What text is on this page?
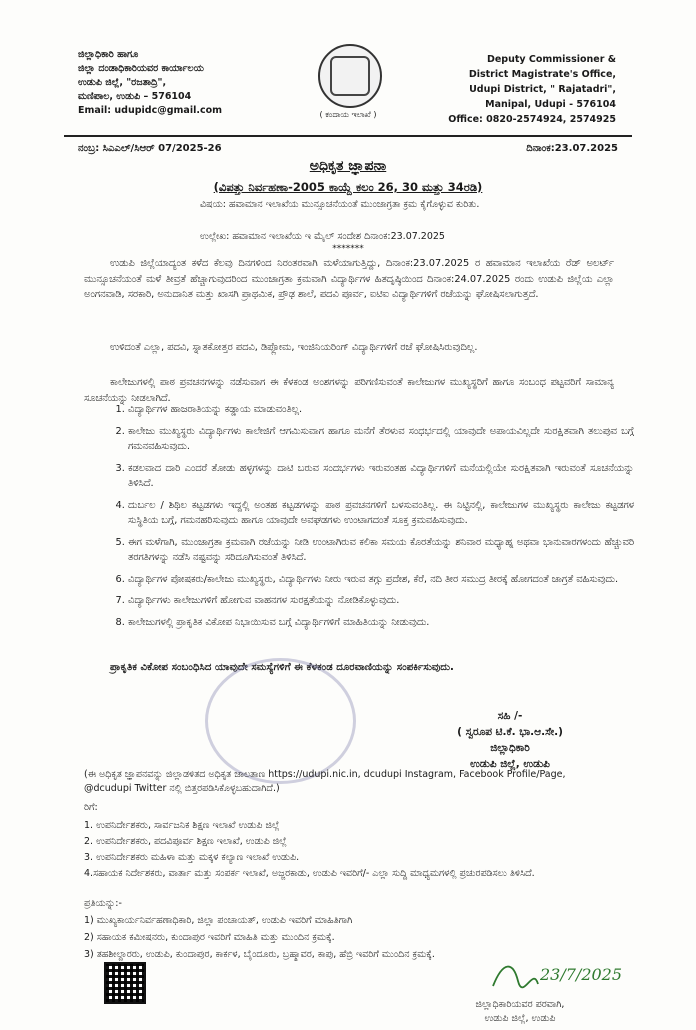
ಜಿಲ್ಲಾಧಿಕಾರಿ ಹಾಗೂ
ಜಿಲ್ಲಾ ದಂಡಾಧಿಕಾರಿಯವರ ಕಾರ್ಯಾಲಯ
ಉಡುಪಿ ಜಿಲ್ಲೆ, "ರಜತಾದ್ರಿ",
ಮಣಿಪಾಲ, ಉಡುಪಿ – 576104
Email: udupidc@gmail.com	( ಕಂದಾಯ ಇಲಾಖೆ )
Deputy Commissioner &
District Magistrate's Office,
Udupi District, " Rajatadri",
Manipal, Udupi - 576104
Office: 0820-2574924, 2574925
ನಂಬ್ರ: ಸಿಎಎಲ್/ಸಿಆರ್ 07/2025-26	ದಿನಾಂಕ:23.07.2025
ಅಧಿಕೃತ ಜ್ಞಾಪನಾ
(ವಿಪತ್ತು ನಿರ್ವಹಣಾ-2005 ಕಾಯ್ದೆ ಕಲಂ 26, 30 ಮತ್ತು 34ರಡಿ)
ವಿಷಯ: ಹವಾಮಾನ ಇಲಾಖೆಯ ಮುನ್ಸೂಚನೆಯಂತೆ ಮುಂಜಾಗ್ರತಾ ಕ್ರಮ ಕೈಗೊಳ್ಳುವ ಕುರಿತು.
ಉಲ್ಲೇಖ: ಹವಾಮಾನ ಇಲಾಖೆಯ ಇ ಮೈಲ್ ಸಂದೇಶ ದಿನಾಂಕ:23.07.2025
*******
ಉಡುಪಿ ಜಿಲ್ಲೆಯಾದ್ಯಂತ ಕಳೆದ ಕೆಲವು ದಿನಗಳಿಂದ ನಿರಂತರವಾಗಿ ಮಳೆಯಾಗುತ್ತಿದ್ದು, ದಿನಾಂಕ:23.07.2025 ರ ಹವಾಮಾನ ಇಲಾಖೆಯ ರೆಡ್ ಅಲರ್ಟ್ ಮುನ್ಸೂಚನೆಯಂತೆ ಮಳೆ ತೀವ್ರತೆ ಹೆಚ್ಚಾಗುವುದರಿಂದ ಮುಂಜಾಗ್ರತಾ ಕ್ರಮವಾಗಿ ವಿದ್ಯಾರ್ಥಿಗಳ ಹಿತದೃಷ್ಠಿಯಿಂದ ದಿನಾಂಕ:24.07.2025 ರಂದು ಉಡುಪಿ ಜಿಲ್ಲೆಯ ಎಲ್ಲಾ ಅಂಗನವಾಡಿ, ಸರಕಾರಿ, ಅನುದಾನಿತ ಮತ್ತು ಖಾಸಗಿ ಪ್ರಾಥಮಿಕ, ಪ್ರೌಢ ಶಾಲೆ, ಪದವಿ ಪೂರ್ವ, ಐಟಿಐ ವಿದ್ಯಾರ್ಥಿಗಳಿಗೆ ರಜೆಯನ್ನು ಘೋಷಿಸಲಾಗುತ್ತದೆ.
ಉಳಿದಂತೆ ಎಲ್ಲಾ, ಪದವಿ, ಸ್ನಾತಕೋತ್ತರ ಪದವಿ, ಡಿಪ್ಲೋಮ, ಇಂಜಿನಿಯರಿಂಗ್ ವಿದ್ಯಾರ್ಥಿಗಳಿಗೆ ರಜೆ ಘೋಷಿಸಿರುವುದಿಲ್ಲ.
ಕಾಲೇಜುಗಳಲ್ಲಿ ಪಾಠ ಪ್ರವಚನಗಳನ್ನು ನಡೆಸುವಾಗ ಈ ಕೆಳಕಂಡ ಅಂಶಗಳನ್ನು ಪರಿಗಣಿಸುವಂತೆ ಕಾಲೇಜುಗಳ ಮುಖ್ಯಸ್ಥರಿಗೆ ಹಾಗೂ ಸಂಬಂಧ ಪಟ್ಟವರಿಗೆ ಸಾಮಾನ್ಯ ಸೂಚನೆಯನ್ನು ನೀಡಲಾಗಿದೆ.
1. ವಿದ್ಯಾರ್ಥಿಗಳ ಹಾಜರಾತಿಯನ್ನು ಕಡ್ಡಾಯ ಮಾಡುವಂತಿಲ್ಲ.
2. ಕಾಲೇಜು ಮುಖ್ಯಸ್ಥರು ವಿದ್ಯಾರ್ಥಿಗಳು ಕಾಲೇಜಿಗೆ ಆಗಮಿಸುವಾಗ ಹಾಗೂ ಮನೆಗೆ ತೆರಳುವ ಸಂಧರ್ಭದಲ್ಲಿ ಯಾವುದೇ ಅಪಾಯವಿಲ್ಲದೇ ಸುರಕ್ಷಿತವಾಗಿ ತಲುಪುವ ಬಗ್ಗೆ ಗಮನವಹಿಸುವುದು.
3. ಕಡಲವಾದ ದಾರಿ ಎಂದರೆ ತೋಡು ಹಳ್ಳಗಳನ್ನು ದಾಟಿ ಬರುವ ಸಂದರ್ಭಗಳು ಇರುವಂತಹ ವಿದ್ಯಾರ್ಥಿಗಳಿಗೆ ಮನೆಯಲ್ಲಿಯೇ ಸುರಕ್ಷಿತವಾಗಿ ಇರುವಂತೆ ಸೂಚನೆಯನ್ನು ತಿಳಿಸಿದೆ.
4. ದುರ್ಬಲ / ಶಿಥಿಲ ಕಟ್ಟಡಗಳು ಇದ್ದಲ್ಲಿ ಅಂತಹ ಕಟ್ಟಡಗಳನ್ನು ಪಾಠ ಪ್ರವಚನಗಳಿಗೆ ಬಳಸುವಂತಿಲ್ಲ. ಈ ನಿಟ್ಟಿನಲ್ಲಿ, ಕಾಲೇಜುಗಳ ಮುಖ್ಯಸ್ಥರು ಕಾಲೇಜು ಕಟ್ಟಡಗಳ ಸುಸ್ಥಿತಿಯ ಬಗ್ಗೆ, ಗಮನಹರಿಸುವುದು ಹಾಗೂ ಯಾವುದೇ ಅವಘಡಗಳು ಉಂಟಾಗದಂತೆ ಸೂಕ್ತ ಕ್ರಮವಹಿಸುವುದು.
5. ಈಗ ಮಳೆಗಾಗಿ, ಮುಂಜಾಗ್ರತಾ ಕ್ರಮವಾಗಿ ರಜೆಯನ್ನು ನೀಡಿ ಉಂಟಾಗಿರುವ ಕಲಿಕಾ ಸಮಯ ಕೊರತೆಯನ್ನು ಶನಿವಾರ ಮಧ್ಯಾಹ್ನ ಅಥವಾ ಭಾನುವಾರಗಳಂದು ಹೆಚ್ಚುವರಿ ತರಗತಿಗಳನ್ನು ನಡೆಸಿ ನಷ್ಟವನ್ನು ಸರಿದೂಗಿಸುವಂತೆ ತಿಳಿಸಿದೆ.
6. ವಿದ್ಯಾರ್ಥಿಗಳ ಪೋಷಕರು/ಕಾಲೇಜು ಮುಖ್ಯಸ್ಥರು, ವಿದ್ಯಾರ್ಥಿಗಳು ನೀರು ಇರುವ ತಗ್ಗು ಪ್ರದೇಶ, ಕೆರೆ, ನದಿ ತೀರ ಸಮುದ್ರ ತೀರಕ್ಕೆ ಹೋಗದಂತೆ ಜಾಗ್ರತೆ ವಹಿಸುವುದು.
7. ವಿದ್ಯಾರ್ಥಿಗಳು ಕಾಲೇಜುಗಳಿಗೆ ಹೋಗುವ ವಾಹನಗಳ ಸುರಕ್ಷತೆಯನ್ನು ನೋಡಿಕೊಳ್ಳುವುದು.
8. ಕಾಲೇಜುಗಳಲ್ಲಿ ಪ್ರಾಕೃತಿಕ ವಿಕೋಪ ನಿಭಾಯಿಸುವ ಬಗ್ಗೆ ವಿದ್ಯಾರ್ಥಿಗಳಿಗೆ ಮಾಹಿತಿಯನ್ನು ನೀಡುವುದು.
ಪ್ರಾಕೃತಿಕ ವಿಕೋಪ ಸಂಬಂಧಿಸಿದ ಯಾವುದೇ ಸಮಸ್ಯೆಗಳಿಗೆ ಈ ಕೆಳಕಂಡ ದೂರವಾಣಿಯನ್ನು ಸಂಪರ್ಕಿಸುವುದು.
ಸಹಿ /-
( ಸ್ವರೂಪ ಟಿ.ಕೆ. ಭಾ.ಆ.ಸೇ.)
ಜಿಲ್ಲಾಧಿಕಾರಿ
ಉಡುಪಿ ಜಿಲ್ಲೆ, ಉಡುಪಿ
(ಈ ಅಧಿಕೃತ ಜ್ಞಾಪನವನ್ನು ಜಿಲ್ಲಾಡಳಿತದ ಅಧಿಕೃತ ಜಾಲತಾಣ https://udupi.nic.in, dcudupi Instagram, Facebook Profile/Page, @dcudupi Twitter ನಲ್ಲಿ ಬಿತ್ತರಪಡಿಸಿಕೊಳ್ಳಬಹುದಾಗಿದೆ.)
ರಿಗೆ:
1. ಉಪನಿರ್ದೇಶಕರು, ಸಾರ್ವಜನಿಕ ಶಿಕ್ಷಣ ಇಲಾಖೆ ಉಡುಪಿ ಜಿಲ್ಲೆ
2. ಉಪನಿರ್ದೇಶಕರು, ಪದವಿಪೂರ್ವ ಶಿಕ್ಷಣ ಇಲಾಖೆ, ಉಡುಪಿ ಜಿಲ್ಲೆ
3. ಉಪನಿರ್ದೇಶಕರು ಮಹಿಳಾ ಮತ್ತು ಮಕ್ಕಳ ಕಲ್ಯಾಣ ಇಲಾಖೆ ಉಡುಪಿ.
4.ಸಹಾಯಕ ನಿರ್ದೇಶಕರು, ವಾರ್ತಾ ಮತ್ತು ಸಂಪರ್ಕ ಇಲಾಖೆ, ಅಜ್ಜರಕಾಡು, ಉಡುಪಿ ಇವರಿಗೆ/- ಎಲ್ಲಾ ಸುದ್ದಿ ಮಾಧ್ಯಮಗಳಲ್ಲಿ ಪ್ರಚುರಪಡಿಸಲು ತಿಳಿಸಿದೆ.
ಪ್ರತಿಯನ್ನು:-
1) ಮುಖ್ಯಕಾರ್ಯನಿರ್ವಹಣಾಧಿಕಾರಿ, ಜಿಲ್ಲಾ ಪಂಚಾಯತ್, ಉಡುಪಿ ಇವರಿಗೆ ಮಾಹಿತಿಗಾಗಿ
2) ಸಹಾಯಕ ಕಮೀಷನರು, ಕುಂದಾಪುರ ಇವರಿಗೆ ಮಾಹಿತಿ ಮತ್ತು ಮುಂದಿನ ಕ್ರಮಕ್ಕೆ.
3) ತಹಶೀಲ್ದಾರರು, ಉಡುಪಿ, ಕುಂದಾಪುರ, ಕಾರ್ಕಳ, ಬೈಂದೂರು, ಬ್ರಹ್ಮಾವರ, ಕಾಪು, ಹೆಬ್ರಿ ಇವರಿಗೆ ಮುಂದಿನ ಕ್ರಮಕ್ಕೆ.
23/7/2025
ಜಿಲ್ಲಾಧಿಕಾರಿಯವರ ಪರವಾಗಿ,
ಉಡುಪಿ ಜಿಲ್ಲೆ, ಉಡುಪಿ
